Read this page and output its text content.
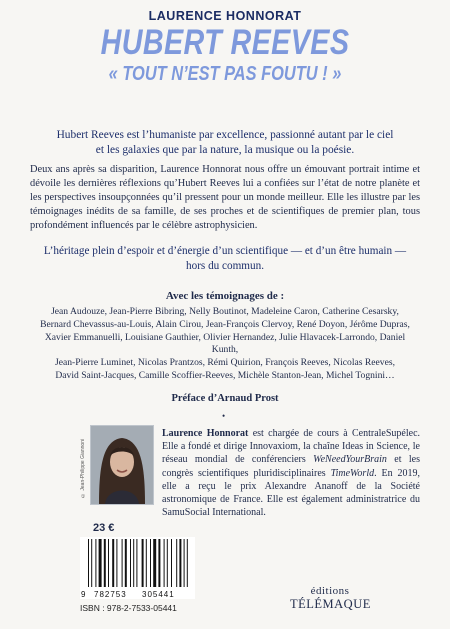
LAURENCE HONNORAT
HUBERT REEVES
« TOUT N’EST PAS FOUTU ! »
Hubert Reeves est l’humaniste par excellence, passionné autant par le ciel
et les galaxies que par la nature, la musique ou la poésie.
Deux ans après sa disparition, Laurence Honnorat nous offre un émouvant portrait intime et dévoile les dernières réflexions qu’Hubert Reeves lui a confiées sur l’état de notre planète et les perspectives insoupçonnées qu’il pressent pour un monde meilleur. Elle les illustre par les témoignages inédits de sa famille, de ses proches et de scientifiques de premier plan, tous profondément influencés par le célèbre astrophysicien.
L’héritage plein d’espoir et d’énergie d’un scientifique — et d’un être humain —
hors du commun.
Avec les témoignages de :
Jean Audouze, Jean-Pierre Bibring, Nelly Boutinot, Madeleine Caron, Catherine Cesarsky,
Bernard Chevassus-au-Louis, Alain Cirou, Jean-François Clervoy, René Doyon, Jérôme Dupras,
Xavier Emmanuelli, Louisiane Gauthier, Olivier Hernandez, Julie Hlavacek-Larrondo, Daniel Kunth,
Jean-Pierre Luminet, Nicolas Prantzos, Rémi Quirion, François Reeves, Nicolas Reeves,
David Saint-Jacques, Camille Scoffier-Reeves, Michèle Stanton-Jean, Michel Tognini…
Préface d’Arnaud Prost
•
© Jean-Philippe Giannoni
Laurence Honnorat est chargée de cours à CentraleSupélec. Elle a fondé et dirige Innovaxiom, la chaîne Ideas in Science, le réseau mondial de conférenciers WeNeedYourBrain et les congrès scientifiques pluridisciplinaires TimeWorld. En 2019, elle a reçu le prix Alexandre Ananoff de la Société astronomique de France. Elle est également administratrice du SamuSocial International.
23 €
9 782753 305441
ISBN : 978-2-7533-05441
éditions
TÉLÉMAQUE
